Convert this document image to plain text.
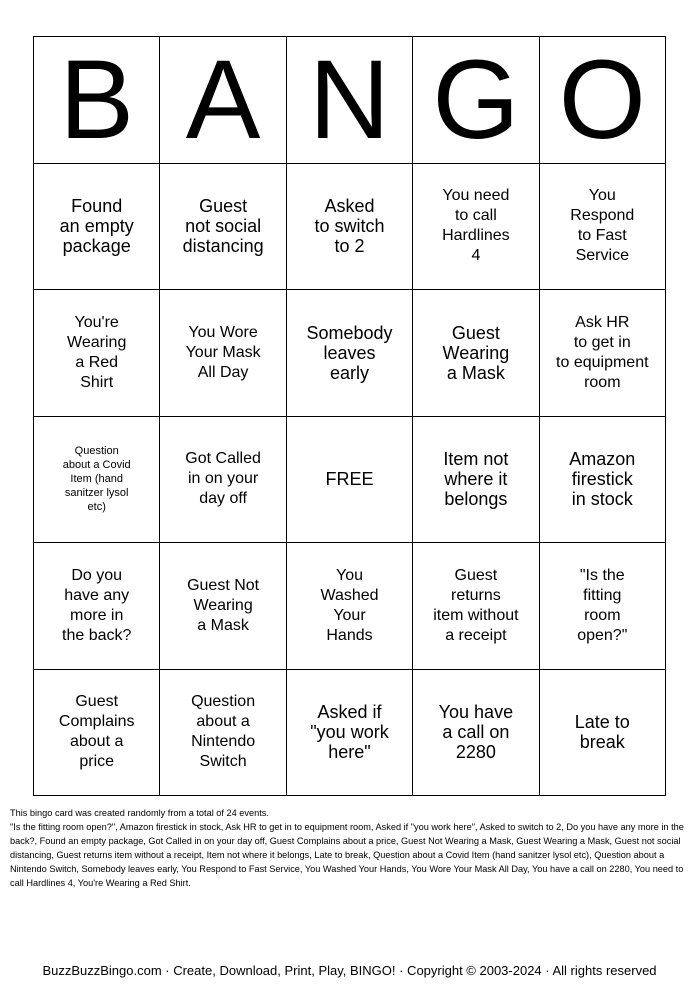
B A N G O
Found
an empty
package
Guest
not social
distancing
Asked
to switch
to 2
You need
to call
Hardlines
4
You
Respond
to Fast
Service
You're
Wearing
a Red
Shirt
You Wore
Your Mask
All Day
Somebody
leaves
early
Guest
Wearing
a Mask
Ask HR
to get in
to equipment
room
Question
about a Covid
Item (hand
sanitzer lysol
etc)
Got Called
in on your
day off
FREE
Item not
where it
belongs
Amazon
firestick
in stock
Do you
have any
more in
the back?
Guest Not
Wearing
a Mask
You
Washed
Your
Hands
Guest
returns
item without
a receipt
"Is the
fitting
room
open?"
Guest
Complains
about a
price
Question
about a
Nintendo
Switch
Asked if
"you work
here"
You have
a call on
2280
Late to
break

This bingo card was created randomly from a total of 24 events.

"Is the fitting room open?", Amazon firestick in stock, Ask HR to get in to equipment room, Asked if "you work here", Asked to switch to 2, Do you have any more in the back?, Found an empty package, Got Called in on your day off, Guest Complains about a price, Guest Not Wearing a Mask, Guest Wearing a Mask, Guest not social distancing, Guest returns item without a receipt, Item not where it belongs, Late to break, Question about a Covid Item (hand sanitzer lysol etc), Question about a Nintendo Switch, Somebody leaves early, You Respond to Fast Service, You Washed Your Hands, You Wore Your Mask All Day, You have a call on 2280, You need to call Hardlines 4, You're Wearing a Red Shirt.

BuzzBuzzBingo.com · Create, Download, Print, Play, BINGO! · Copyright © 2003-2024 · All rights reserved
